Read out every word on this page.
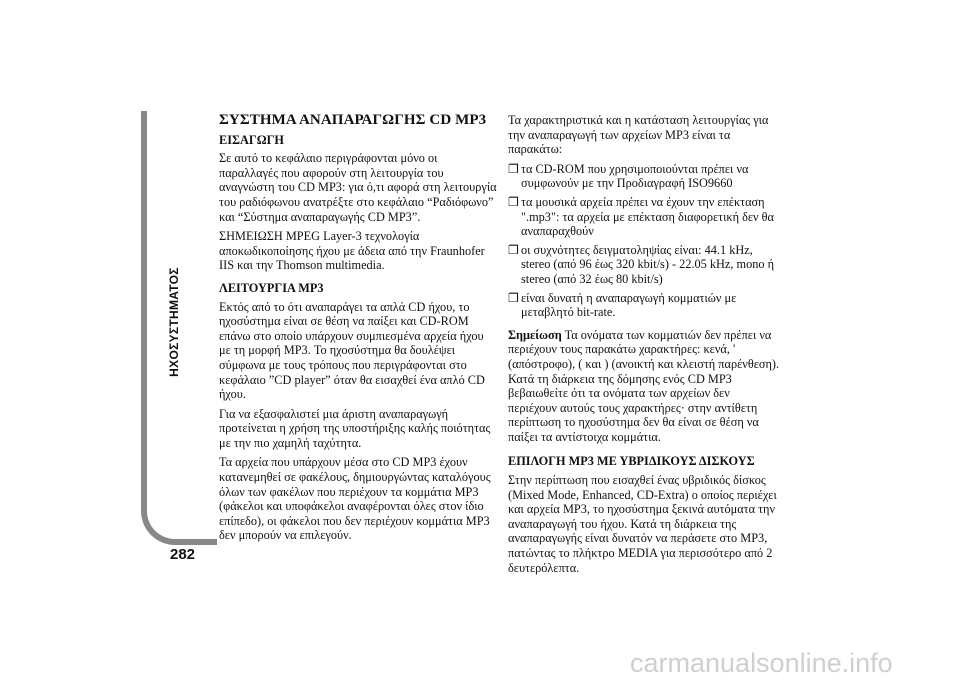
ΗΧΟΣΥΣΤΗΜΑΤΟΣ
282
ΣΥΣΤΗΜΑ ΑΝΑΠΑΡΑΓΩΓΗΣ CD MP3
ΕΙΣΑΓΩΓΗ

Σε αυτό το κεφάλαιο περιγράφονται μόνο οι παραλλαγές που αφορούν στη λειτουργία του αναγνώστη του CD MP3: για ό,τι αφορά στη λειτουργία του ραδιόφωνου ανατρέξτε στο κεφάλαιο “Ραδιόφωνο” και “Σύστημα αναπαραγωγής CD MP3”.

ΣΗΜΕΙΩΣΗ MPEG Layer-3 τεχνολογία αποκωδικοποίησης ήχου με άδεια από την Fraunhofer IIS και την Thomson multimedia.

ΛΕΙΤΟΥΡΓΙΑ MP3

Εκτός από το ότι αναπαράγει τα απλά CD ήχου, το ηχοσύστημα είναι σε θέση να παίξει και CD-ROM επάνω στο οποίο υπάρχουν συμπιεσμένα αρχεία ήχου με τη μορφή MP3. Το ηχοσύστημα θα δουλέψει σύμφωνα με τους τρόπους που περιγράφονται στο κεφάλαιο ”CD player” όταν θα εισαχθεί ένα απλό CD ήχου.

Για να εξασφαλιστεί μια άριστη αναπαραγωγή προτείνεται η χρήση της υποστήριξης καλής ποιότητας με την πιο χαμηλή ταχύτητα.

Τα αρχεία που υπάρχουν μέσα στο CD MP3 έχουν κατανεμηθεί σε φακέλους, δημιουργώντας καταλόγους όλων των φακέλων που περιέχουν τα κομμάτια MP3 (φάκελοι και υποφάκελοι αναφέρονται όλες στον ίδιο επίπεδο), οι φάκελοι που δεν περιέχουν κομμάτια MP3 δεν μπορούν να επιλεγούν.

Τα χαρακτηριστικά και η κατάσταση λειτουργίας για την αναπαραγωγή των αρχείων MP3 είναι τα παρακάτω:

❒ τα CD-ROM που χρησιμοποιούνται πρέπει να συμφωνούν με την Προδιαγραφή ISO9660
❒ τα μουσικά αρχεία πρέπει να έχουν την επέκταση ".mp3": τα αρχεία με επέκταση διαφορετική δεν θα αναπαραχθούν
❒ οι συχνότητες δειγματοληψίας είναι: 44.1 kHz, stereo (από 96 έως 320 kbit/s) - 22.05 kHz, mono ή stereo (από 32 έως 80 kbit/s)
❒ είναι δυνατή η αναπαραγωγή κομματιών με μεταβλητό bit-rate.

Σημείωση Τα ονόματα των κομματιών δεν πρέπει να περιέχουν τους παρακάτω χαρακτήρες: κενά, ' (απόστροφο), ( και ) (ανοικτή και κλειστή παρένθεση). Κατά τη διάρκεια της δόμησης ενός CD MP3 βεβαιωθείτε ότι τα ονόματα των αρχείων δεν περιέχουν αυτούς τους χαρακτήρες· στην αντίθετη περίπτωση το ηχοσύστημα δεν θα είναι σε θέση να παίξει τα αντίστοιχα κομμάτια.

ΕΠΙΛΟΓΗ MP3 ΜΕ ΥΒΡΙΔΙΚΟΥΣ ΔΙΣΚΟΥΣ

Στην περίπτωση που εισαχθεί ένας υβριδικός δίσκος (Mixed Mode, Enhanced, CD-Extra) ο οποίος περιέχει και αρχεία MP3, το ηχοσύστημα ξεκινά αυτόματα την αναπαραγωγή του ήχου. Κατά τη διάρκεια της αναπαραγωγής είναι δυνατόν να περάσετε στο MP3, πατώντας το πλήκτρο MEDIA για περισσότερο από 2 δευτερόλεπτα.

carmanualsonline.info
